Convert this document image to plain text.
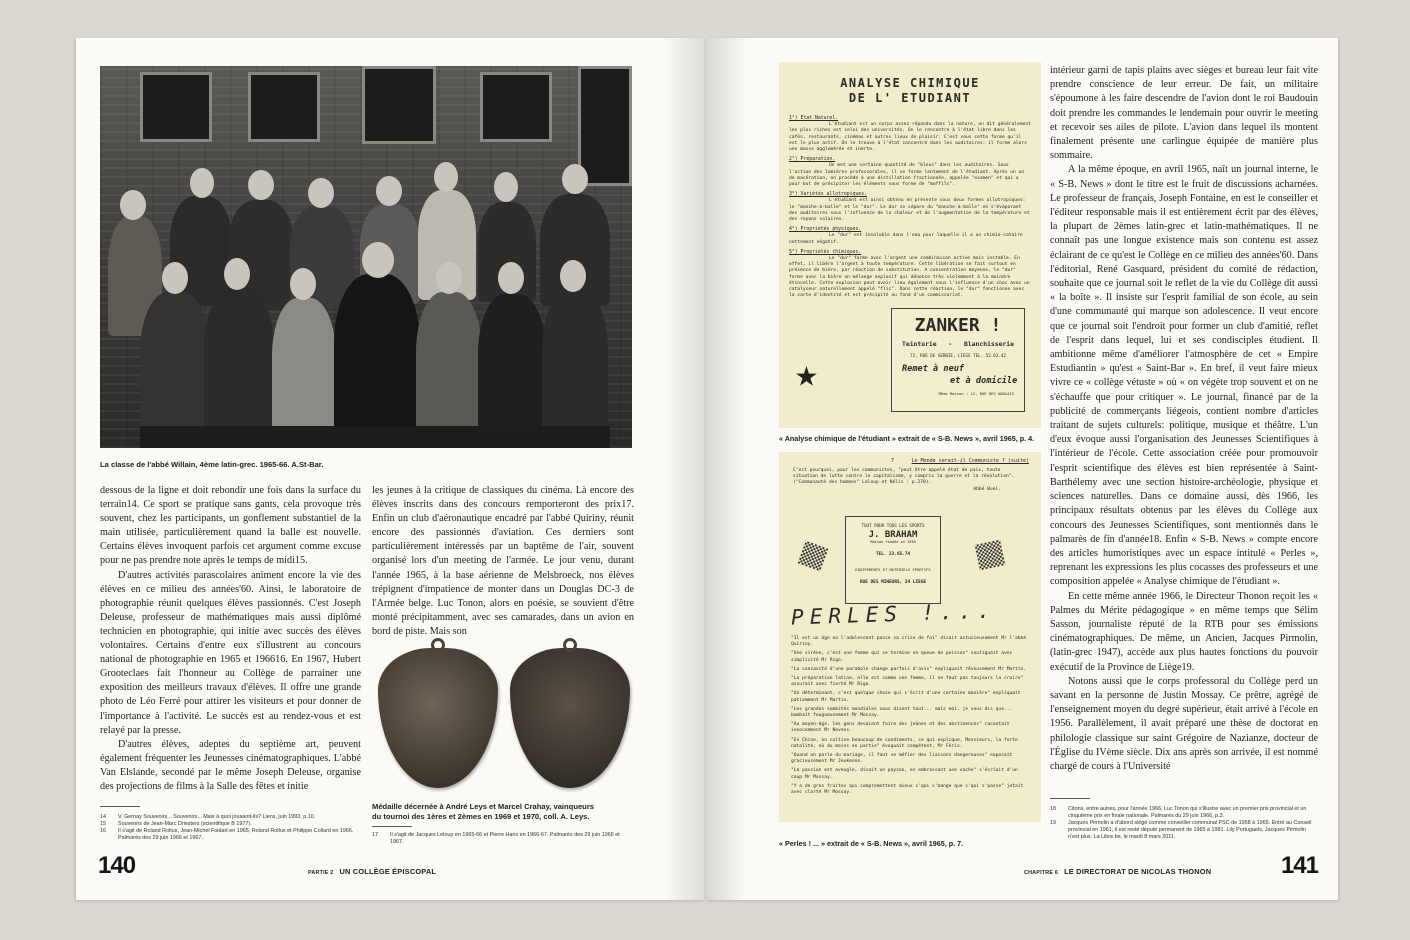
La classe de l'abbé Willain, 4ème latin-grec. 1965-66. A.St-Bar.

dessous de la ligne et doit rebondir une fois dans la surface du terrain14. Ce sport se pratique sans gants, cela provoque très souvent, chez les participants, un gonflement substantiel de la main utilisée, particulièrement quand la balle est nouvelle. Certains élèves invoquent parfois cet argument comme excuse pour ne pas prendre note après le temps de midi15.

D'autres activités parascolaires animent encore la vie des élèves en ce milieu des années'60. Ainsi, le laboratoire de photographie réunit quelques élèves passionnés. C'est Joseph Deleuse, professeur de mathématiques mais aussi diplômé technicien en photographie, qui initie avec succès des élèves volontaires. Certains d'entre eux s'illustrent au concours national de photographie en 1965 et 196616. En 1967, Hubert Grooteclaes fait l'honneur au Collège de parrainer une exposition des meilleurs travaux d'élèves. Il offre une grande photo de Léo Ferré pour attirer les visiteurs et pour donner de l'importance à l'activité. Le succès est au rendez-vous et est relayé par la presse.

D'autres élèves, adeptes du septième art, peuvent également fréquenter les Jeunesses cinématographiques. L'abbé Van Elslande, secondé par le même Joseph Deleuse, organise des projections de films à la Salle des fêtes et initie

les jeunes à la critique de classiques du cinéma. Là encore des élèves inscrits dans des concours remporteront des prix17. Enfin un club d'aéronautique encadré par l'abbé Quiriny, réunit encore des passionnés d'aviation. Ces derniers sont particulièrement intéressés par un baptême de l'air, souvent organisé lors d'un meeting de l'armée. Le jour venu, durant l'année 1965, à la base aérienne de Melsbroeck, nos élèves trépignent d'impatience de monter dans un Douglas DC-3 de l'Armée belge. Luc Tonon, alors en poésie, se souvient d'être monté précipitamment, avec ses camarades, dans un avion en bord de piste. Mais son

Médaille décernée à André Leys et Marcel Crahay, vainqueurs du tournoi des 1ères et 2èmes en 1969 et 1970, coll. A. Leys.
14	V. Gernay Souvenirs... Souvenirs... Mais à quoi jouaient-ils? Liens, juin 1993, p.10.
15	Souvenirs de Jean-Marc Driesters (scientifique B 1977).
16	Il s'agit de Roland Roltus, Jean-Michel Foidart en 1965, Roland Roltus et Philippe Collard en 1966. Palmarès des 29 juin 1966 et 1967.	17	Il s'agit de Jacques Leloup en 1965-66 et Pierre Hans en 1966-67. Palmarès des 29 juin 1966 et 1967.
140	PARTIE 2 UN COLLÈGE ÉPISCOPAL
ANALYSE CHIMIQUE
DE L' ETUDIANT
1°) Etat Naturel.
L'étudiant est un corps assez répandu dans la nature, on dit généralement les plus riches est celui des universités. On le rencontre à l'état libre dans les cafés, restaurants, cinémas et autres lieux de plaisir. C'est sous cette forme qu'il est le plus actif. On le trouve à l'état concentré dans les auditoires: il forme alors une masse agglomérée et inerte.
2°) Préparation.
On met une certaine quantité de "bleus" dans les auditoires. Sous l'action des lumières professorales, il se forme lentement de l'étudiant. Après un an de macération, on procède à une distillation fractionnée, appelée "examen" et qui a pour but de précipiter les éléments sous forme de "moffils".
3°) Variétés allotropiques.
L'étudiant est ainsi obtenu en présente sous deux formes allotropiques: le "manche-à-balle" et le "dur". Le dur se sépare du "manche-à-balle" en s'évaporant des auditoires sous l'influence de la chaleur et de l'augmentation de la température et des rayons solaires.
4°) Propriétés physiques.
Le "dur" est insoluble dans l'eau pour laquelle il a un chimio-cataire nettement négatif.
5°) Propriétés chimiques.
Le "dur" forme avec l'argent une combinaison active mais instable. En effet, il libère l'argent à toute température. Cette libération se fait surtout en présence de bière, par réaction de substitution. A concentration moyenne, le "dur" forme avec la bière un mélange explosif qui dénonce très violemment à la moindre étincelle. Cette explosion peut avoir lieu également sous l'influence d'un choc avec un catalyseur naturellement appelé "flic". Dans cette réaction, le "dur" fonctionne avec la carte d'identité et est précipité au fond d'un commissariat.
ZANKER !
Teinturie - Blanchisserie
72, RUE DE SERBIE, LIEGE TEL. 52.63.42
Remet à neuf
et à domicile
Même Maison : 12, RUE DES ANGLAIS
★
« Analyse chimique de l'étudiant » extrait de « S-B. News », avril 1965, p. 4.
7	Le Monde serait-il Communiste ? (suite)
C'est pourquoi, pour les communistes, "peut être appelé état de paix, toute situation de lutte contre le capitalisme, y compris la guerre et la révolution". ("Communauté des hommes" Laloup et Nélis : p.270).
Abbé Buel.
TOUT POUR TOUS LES SPORTS
J. BRAHAM
Maison fondée en 1930
TEL. 23.65.74
EQUIPEMENTS ET MATERIELS SPORTIFS
RUE DES MINEURS, 24 LIEGE
PERLES !...
"Il est un âge où l'adolescent passe sa crise de foi" disait astucieusement Mr l'abbé Quiriny.
"Une sirène, c'est une femme qui se termine en queue de poisson" soutiguait avec simplicité Mr Rigo.
"La concavité d'une parabole change parfois d'avis" expliquait rêveusement Mr Martin.
"La préparation latine, elle est comme une femme, il ne faut pas toujours la croire" assurait avec fierté Mr Rigo.
"Un déterminant, c'est quelque chose qui s'écrit d'une certaine manière" expliquait patiemment Mr Martin.
"Les grandes sommités mondiales vous disent tout... mais moi, je vous dis que... bombait fougueusement Mr Mossay.
"Au moyen-âge, les gens devaient faire des jeûnes et des abstinences" racontait innocemment Mr Nevens.
"En Chine, on cultive beaucoup de condiments, ce qui explique, Messieurs, la forte natalité, où du moins en partie" évoquait compétent, Mr Féris.
"Quand on parle du mariage, il faut se méfier des liaisons dangereuses" exposait gracieusement Mr Jeukenne.
"La passion est aveugle, disait un paysan, en embrassant une vache" s'écriait d'un coup Mr Mossay.
"Y a de gros fruites qui compromettent mieux c'qui s'mange que c'qui s'passe" jetait avec clarté Mr Mossay.
« Perles ! ... » extrait de « S-B. News », avril 1965, p. 7.

intérieur garni de tapis plains avec sièges et bureau leur fait vite prendre conscience de leur erreur. De fait, un militaire s'époumone à les faire descendre de l'avion dont le roi Baudouin doit prendre les commandes le lendemain pour ouvrir le meeting et recevoir ses ailes de pilote. L'avion dans lequel ils montent finalement présente une carlingue équipée de manière plus sommaire.

A la même époque, en avril 1965, naît un journal interne, le « S-B. News » dont le titre est le fruit de discussions acharnées. Le professeur de français, Joseph Fontaine, en est le conseiller et l'éditeur responsable mais il est entièrement écrit par des élèves, la plupart de 2èmes latin-grec et latin-mathématiques. Il ne connaît pas une longue existence mais son contenu est assez éclairant de ce qu'est le Collège en ce milieu des années'60. Dans l'éditorial, René Gasquard, président du comité de rédaction, souhaite que ce journal soit le reflet de la vie du Collège dit aussi « la boîte ». Il insiste sur l'esprit familial de son école, au sein d'une communauté qui marque son adolescence. Il veut encore que ce journal soit l'endroit pour former un club d'amitié, reflet de l'esprit dans lequel, lui et ses condisciples étudient. Il ambitionne même d'améliorer l'atmosphère de cet « Empire Estudiantin » qu'est « Saint-Bar ». En bref, il veut faire mieux vivre ce « collège vétuste » où « on végète trop souvent et on ne s'échauffe que pour critiquer ». Le journal, financé par de la publicité de commerçants liégeois, contient nombre d'articles traitant de sujets culturels: politique, musique et théâtre. L'un d'eux évoque aussi l'organisation des Jeunesses Scientifiques à l'intérieur de l'école. Cette association créée pour promouvoir l'esprit scientifique des élèves est bien représentée à Saint-Barthélemy avec une section histoire-archéologie, physique et sciences naturelles. Dans ce domaine aussi, dès 1966, les principaux résultats obtenus par les élèves du Collège aux concours des Jeunesses Scientifiques, sont mentionnés dans le palmarès de fin d'année18. Enfin « S-B. News » compte encore des articles humoristiques avec un espace intitulé « Perles », reprenant les expressions les plus cocasses des professeurs et une composition appelée « Analyse chimique de l'étudiant ».

En cette même année 1966, le Directeur Thonon reçoit les « Palmes du Mérite pédagogique » en même temps que Sélim Sasson, journaliste réputé de la RTB pour ses émissions cinématographiques. De même, un Ancien, Jacques Pirmolin, (latin-grec 1947), accède aux plus hautes fonctions du pouvoir exécutif de la Province de Liège19.

Notons aussi que le corps professoral du Collège perd un savant en la personne de Justin Mossay. Ce prêtre, agrégé de l'enseignement moyen du degré supérieur, était arrivé à l'école en 1956. Parallèlement, il avait préparé une thèse de doctorat en philologie classique sur saint Grégoire de Nazianze, docteur de l'Église du IVème siècle. Dix ans après son arrivée, il est nommé chargé de cours à l'Université

18	Citons, entre autres, pour l'année 1966, Luc Tonon qui s'illustre avec un premier prix provincial et un cinquième prix en finale nationale. Palmarès du 29 juin 1966, p.3.
19	Jacques Pirmolin a d'abord siégé comme conseiller communal PSC de 1958 à 1965. Entré au Conseil provincial en 1961, il est resté député permanent de 1965 à 1981. Lily Portugaels, Jacques Pirmolin n'est plus. La Libre.be, le mardi 8 mars 2011.
CHAPITRE 6 LE DIRECTORAT DE NICOLAS THONON	141
